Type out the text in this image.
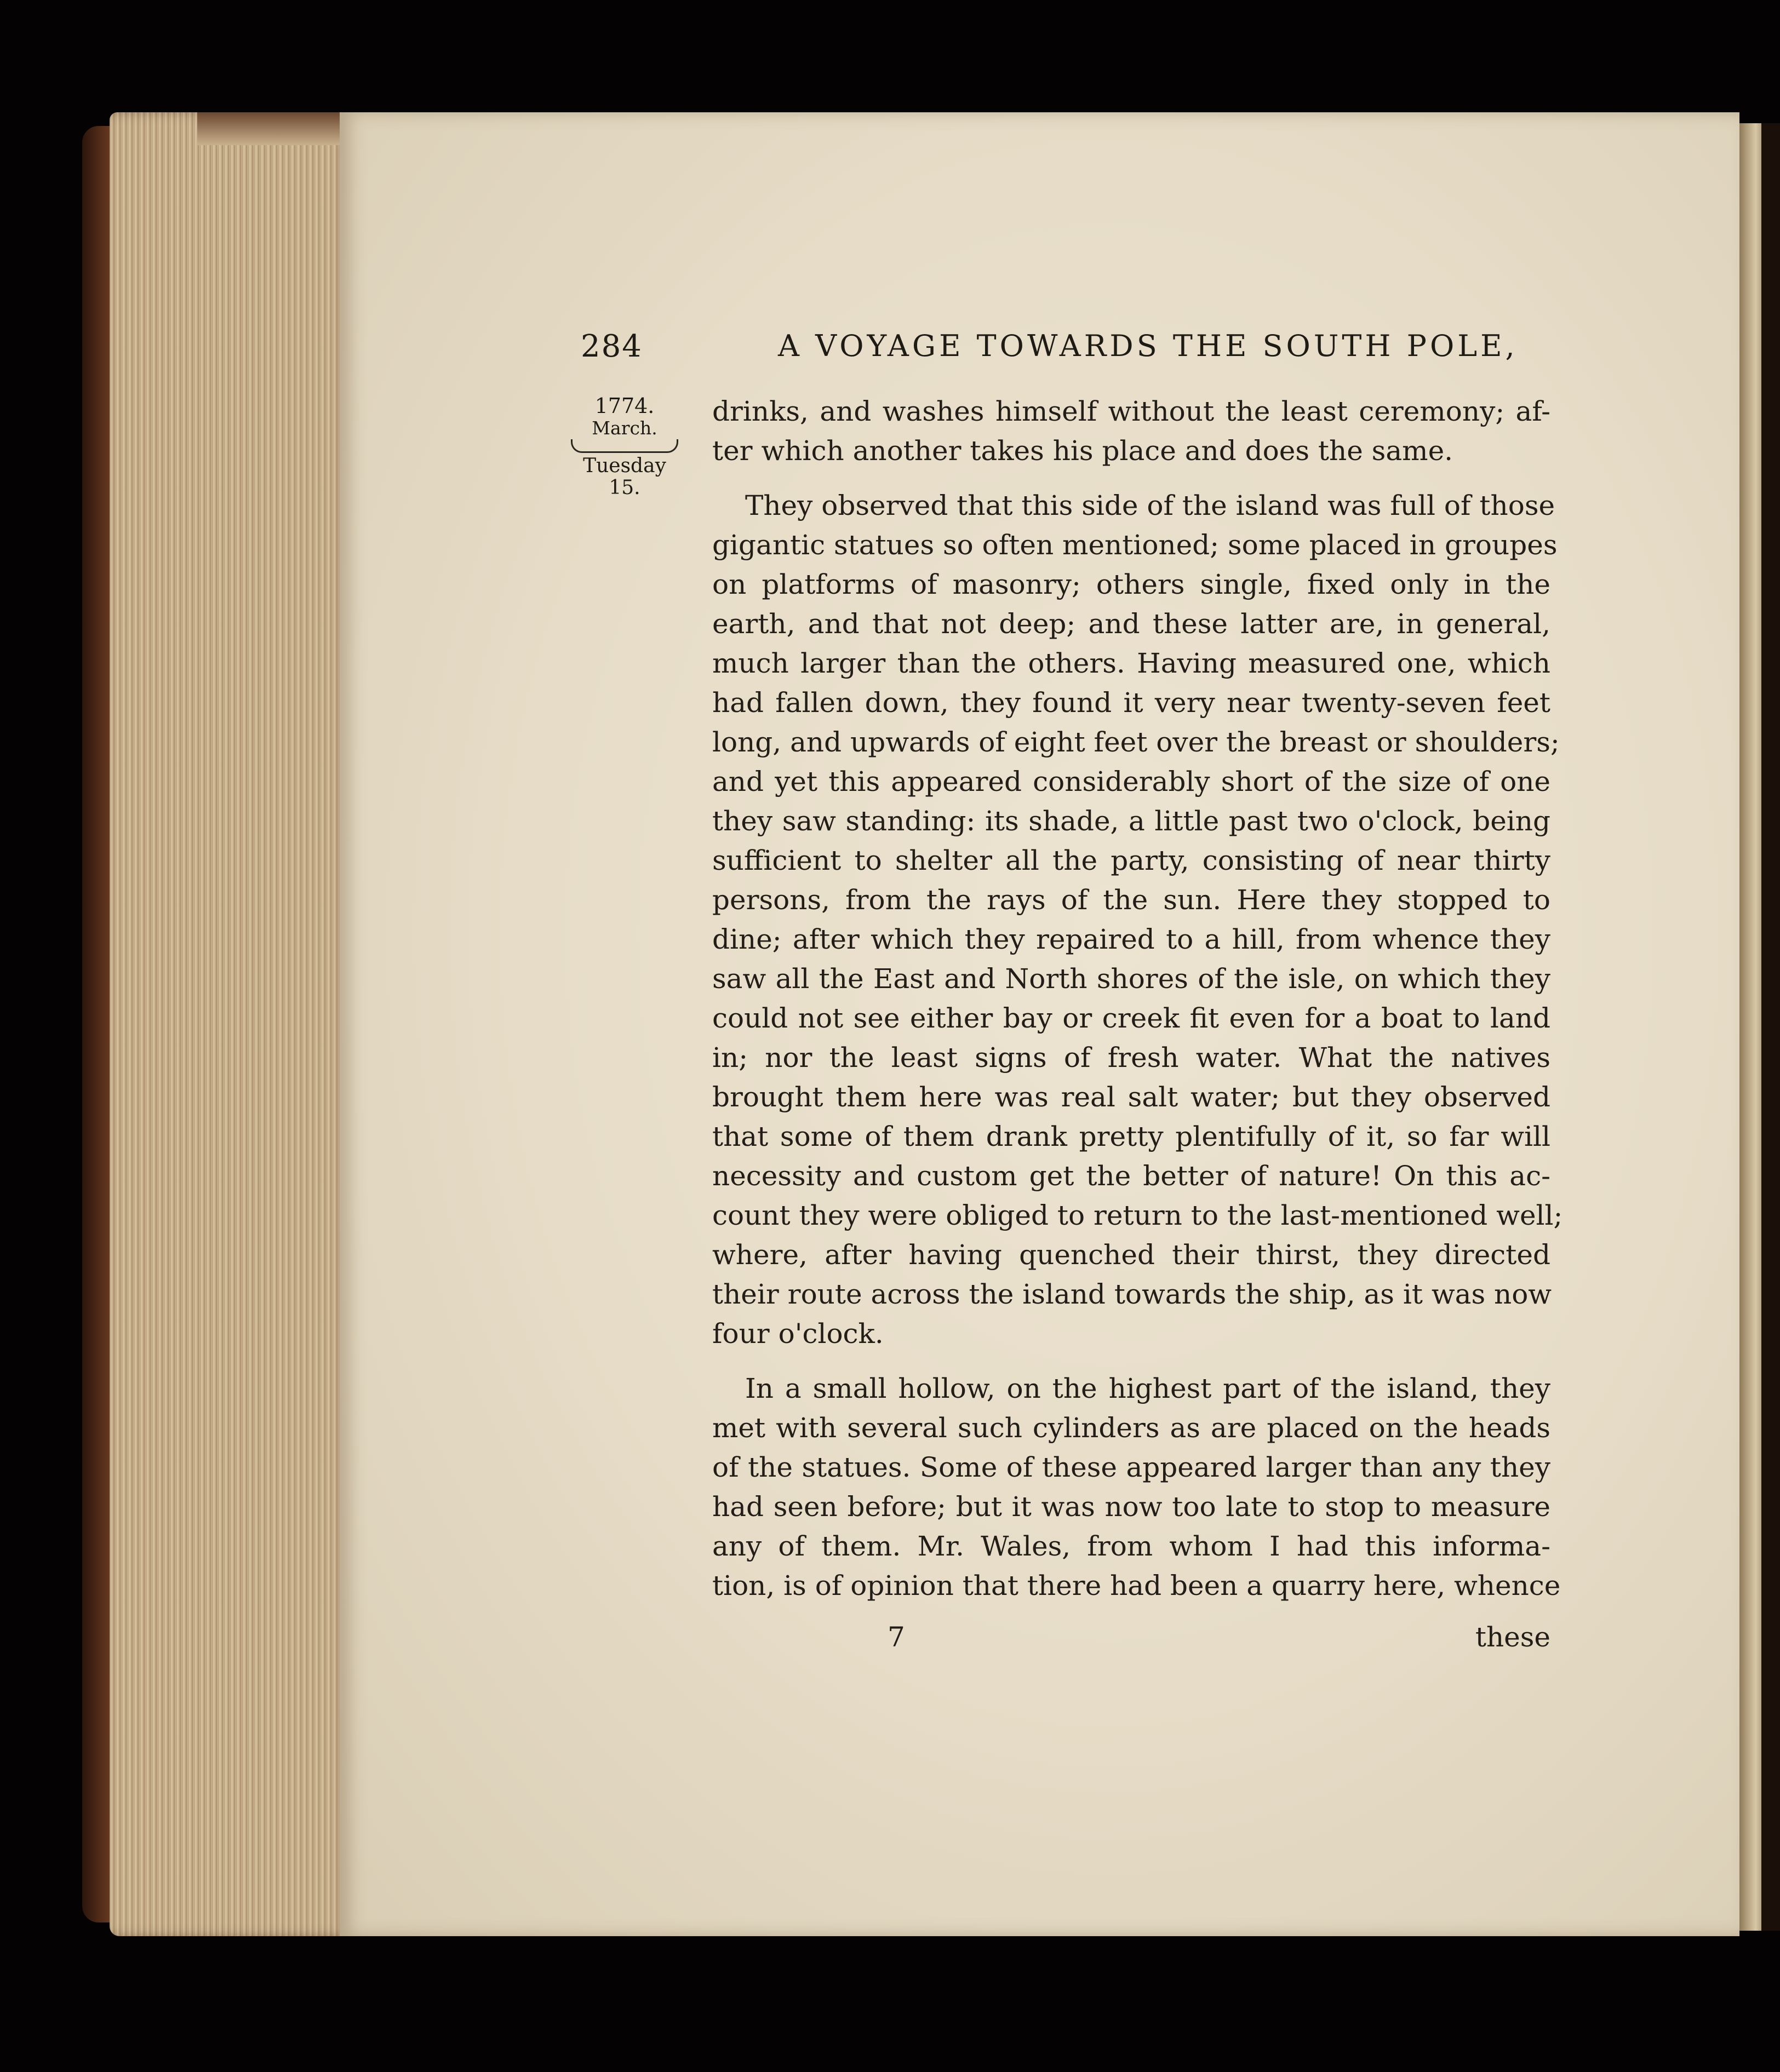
284	A VOYAGE TOWARDS THE SOUTH POLE,
1774.
March.
Tuesday 15.
drinks, and washes himself without the least ceremony; af-
ter which another takes his place and does the same.
They observed that this side of the island was full of those
gigantic statues so often mentioned; some placed in groupes
on platforms of masonry; others single, fixed only in the
earth, and that not deep; and these latter are, in general,
much larger than the others. Having measured one, which
had fallen down, they found it very near twenty-seven feet
long, and upwards of eight feet over the breast or shoulders;
and yet this appeared considerably short of the size of one
they saw standing: its shade, a little past two o'clock, being
sufficient to shelter all the party, consisting of near thirty
persons, from the rays of the sun. Here they stopped to
dine; after which they repaired to a hill, from whence they
saw all the East and North shores of the isle, on which they
could not see either bay or creek fit even for a boat to land
in; nor the least signs of fresh water. What the natives
brought them here was real salt water; but they observed
that some of them drank pretty plentifully of it, so far will
necessity and custom get the better of nature! On this ac-
count they were obliged to return to the last-mentioned well;
where, after having quenched their thirst, they directed
their route across the island towards the ship, as it was now
four o'clock.
In a small hollow, on the highest part of the island, they
met with several such cylinders as are placed on the heads
of the statues. Some of these appeared larger than any they
had seen before; but it was now too late to stop to measure
any of them. Mr. Wales, from whom I had this informa-
tion, is of opinion that there had been a quarry here, whence
7	these
